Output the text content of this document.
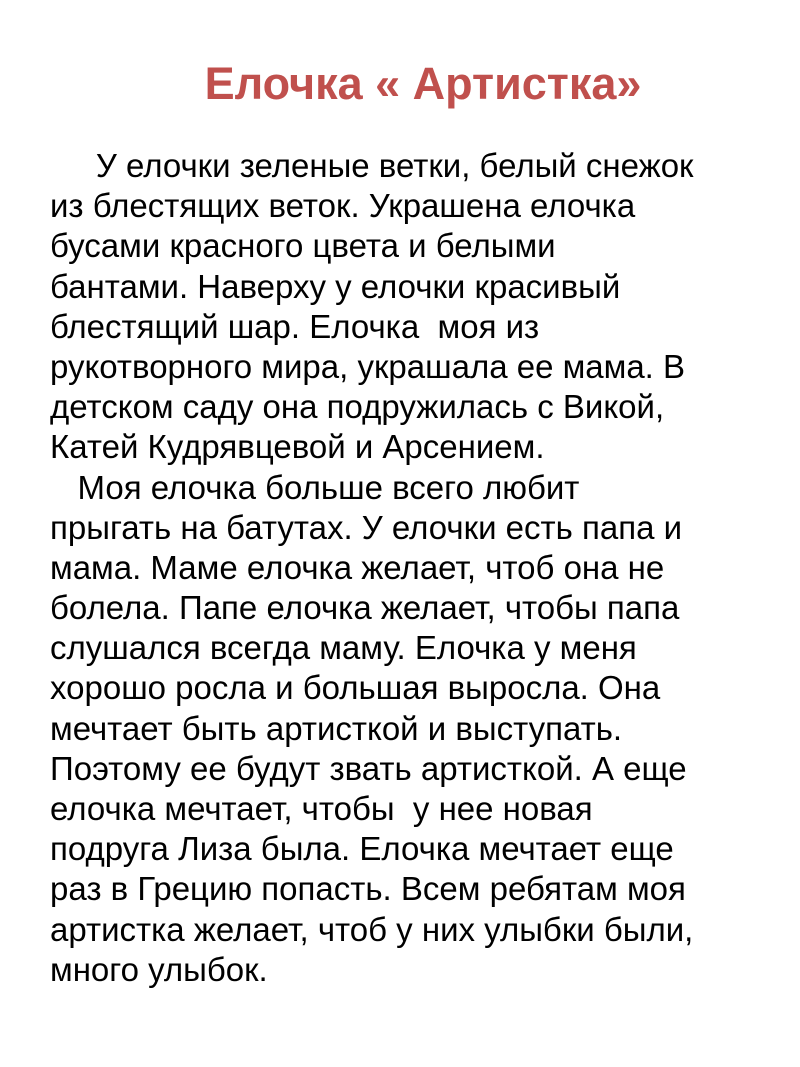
Елочка « Артистка»
У елочки зеленые ветки, белый снежок
из блестящих веток. Украшена елочка
бусами красного цвета и белыми
бантами. Наверху у елочки красивый
блестящий шар. Елочка  моя из
рукотворного мира, украшала ее мама. В
детском саду она подружилась с Викой,
Катей Кудрявцевой и Арсением.
Моя елочка больше всего любит
прыгать на батутах. У елочки есть папа и
мама. Маме елочка желает, чтоб она не
болела. Папе елочка желает, чтобы папа
слушался всегда маму. Елочка у меня
хорошо росла и большая выросла. Она
мечтает быть артисткой и выступать.
Поэтому ее будут звать артисткой. А еще
елочка мечтает, чтобы  у нее новая
подруга Лиза была. Елочка мечтает еще
раз в Грецию попасть. Всем ребятам моя
артистка желает, чтоб у них улыбки были,
много улыбок.
